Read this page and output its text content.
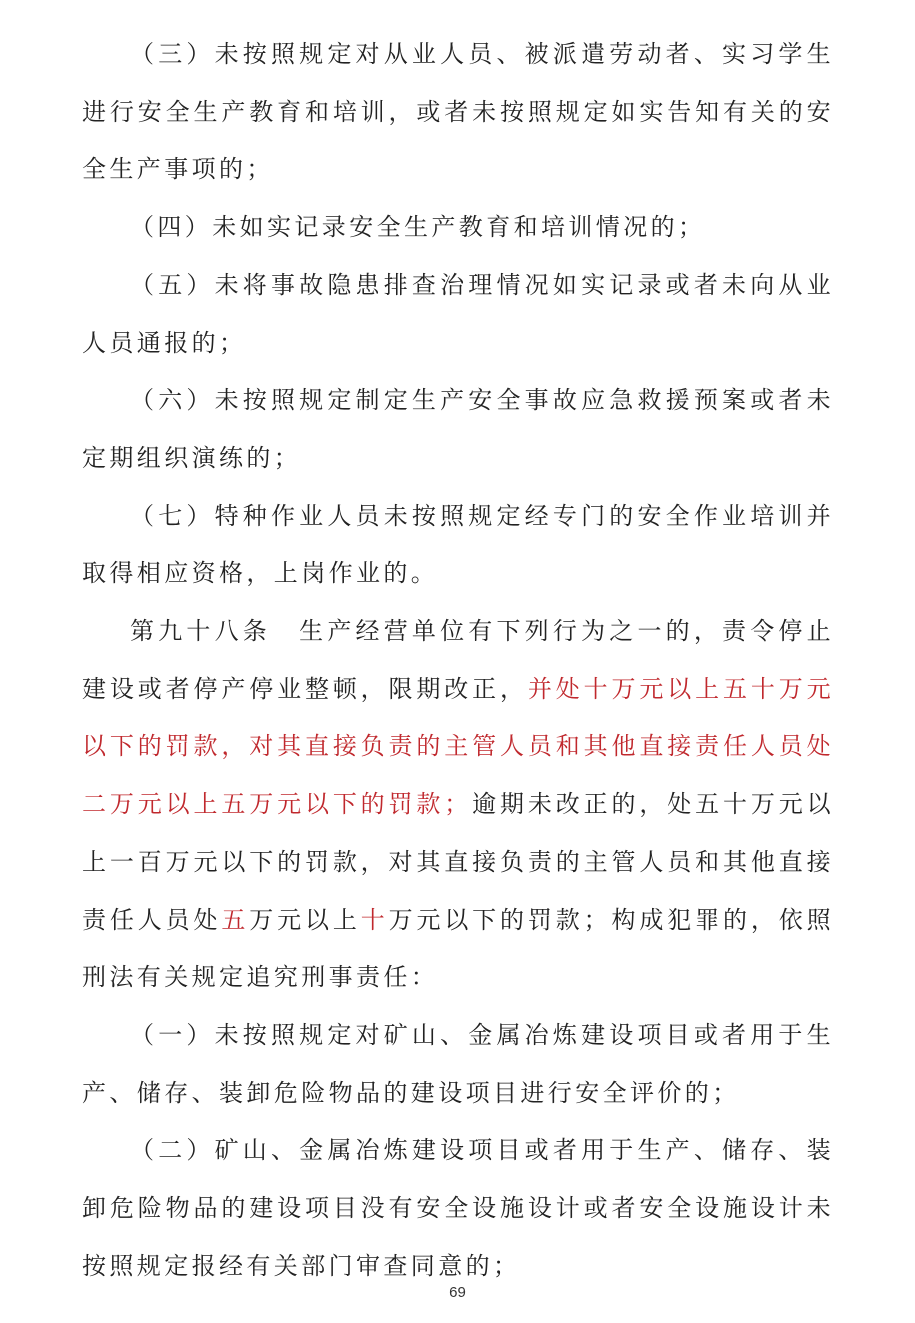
（三）未按照规定对从业人员、被派遣劳动者、实习学生进行安全生产教育和培训，或者未按照规定如实告知有关的安全生产事项的；

（四）未如实记录安全生产教育和培训情况的；

（五）未将事故隐患排查治理情况如实记录或者未向从业人员通报的；

（六）未按照规定制定生产安全事故应急救援预案或者未定期组织演练的；

（七）特种作业人员未按照规定经专门的安全作业培训并取得相应资格，上岗作业的。

第九十八条　生产经营单位有下列行为之一的，责令停止建设或者停产停业整顿，限期改正，并处十万元以上五十万元以下的罚款，对其直接负责的主管人员和其他直接责任人员处二万元以上五万元以下的罚款；逾期未改正的，处五十万元以上一百万元以下的罚款，对其直接负责的主管人员和其他直接责任人员处五万元以上十万元以下的罚款；构成犯罪的，依照刑法有关规定追究刑事责任：

（一）未按照规定对矿山、金属冶炼建设项目或者用于生产、储存、装卸危险物品的建设项目进行安全评价的；

（二）矿山、金属冶炼建设项目或者用于生产、储存、装卸危险物品的建设项目没有安全设施设计或者安全设施设计未按照规定报经有关部门审查同意的；

69
